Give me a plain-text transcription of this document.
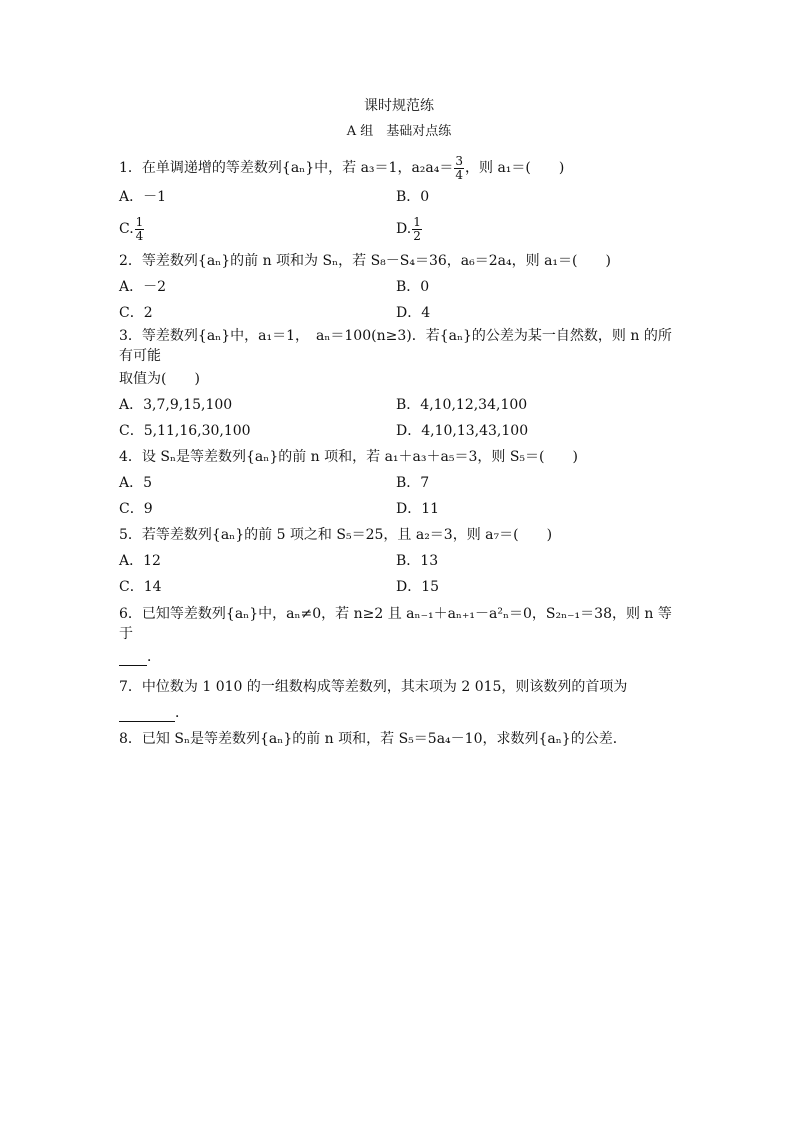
课时规范练
A 组　基础对点练
1．在单调递增的等差数列{aₙ}中，若 a₃＝1，$a_2a_4= \frac{3}{4}$ ，则 a₁＝(　　)
A．－1	B．0
C. $\frac{1}{4}$	D. $\frac{1}{2}$
2．等差数列{aₙ}的前 n 项和为 Sₙ，若 S₈－S₄＝36，a₆＝2a₄，则 a₁＝(　　)
A．－2	B．0
C．2	D．4
3．等差数列{aₙ}中，a₁＝1，　aₙ＝100(n≥3)．若{aₙ}的公差为某一自然数，则 n 的所有可能
取值为(　　)
A．3,7,9,15,100	B．4,10,12,34,100
C．5,11,16,30,100	D．4,10,13,43,100
4．设 Sₙ是等差数列{aₙ}的前 n 项和，若 a₁＋a₃＋a₅＝3，则 S₅＝(　　)
A．5	B．7
C．9	D．11
5．若等差数列{aₙ}的前 5 项之和 S₅＝25，且 a₂＝3，则 a₇＝(　　)
A．12	B．13
C．14	D．15
6．已知等差数列{aₙ}中，aₙ≠0，若 n≥2 且 aₙ₋₁＋aₙ₊₁－a²ₙ＝0，S₂ₙ₋₁＝38，则 n 等于
．
7．中位数为 1 010 的一组数构成等差数列，其末项为 2 015，则该数列的首项为
．
8．已知 Sₙ是等差数列{aₙ}的前 n 项和，若 S₅＝5a₄－10，求数列{aₙ}的公差．
